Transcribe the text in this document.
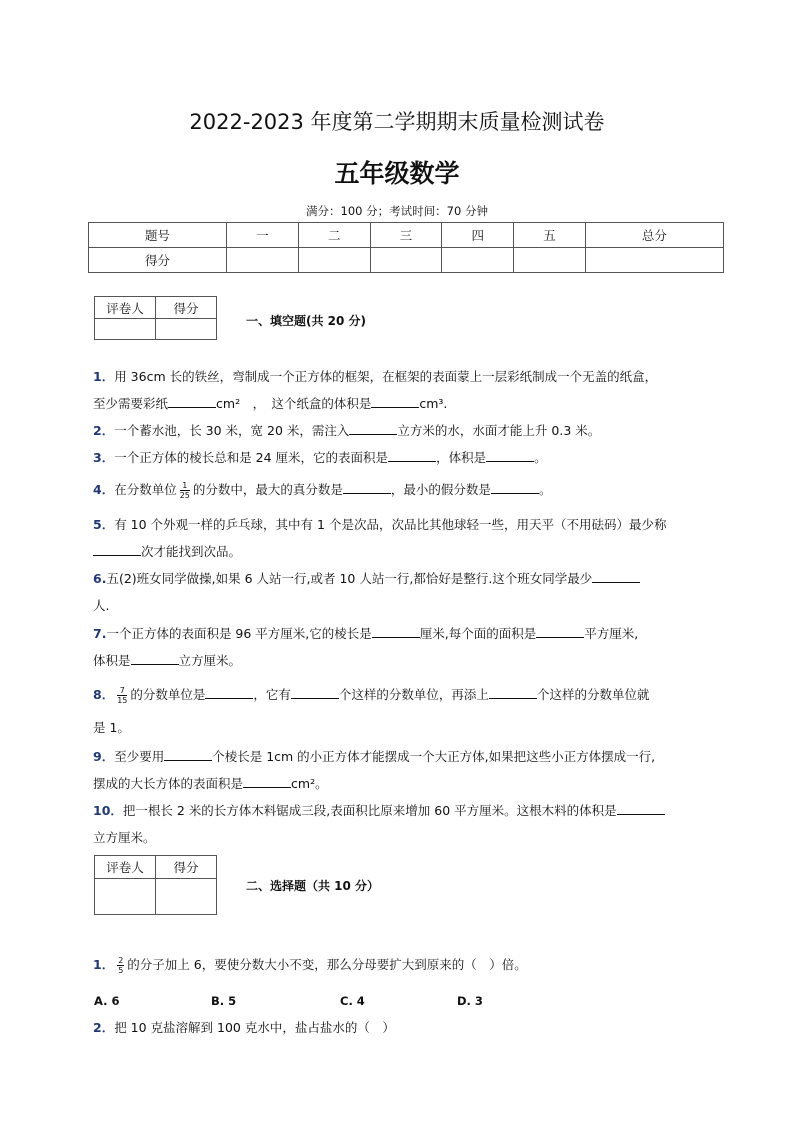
2022-2023 年度第二学期期末质量检测试卷
五年级数学
满分：100 分；考试时间：70 分钟
题号	一	二	三	四	五	总分
得分						
评卷人	得分

一、填空题(共 20 分)
1．用 36cm 长的铁丝，弯制成一个正方体的框架，在框架的表面蒙上一层彩纸制成一个无盖的纸盒，
至少需要彩纸	cm²　，　这个纸盒的体积是	cm³.
2．一个蓄水池，长 30 米，宽 20 米，需注入	立方米的水，水面才能上升 0.3 米。
3．一个正方体的棱长总和是 24 厘米，它的表面积是	，体积是	。
4．在分数单位 $\frac{1}{25}$ 的分数中，最大的真分数是	，最小的假分数是	。
5．有 10 个外观一样的乒乓球，其中有 1 个是次品，次品比其他球轻一些，用天平（不用砝码）最少称
次才能找到次品。
6.五(2)班女同学做操,如果 6 人站一行,或者 10 人站一行,都恰好是整行.这个班女同学最少
人.
7.一个正方体的表面积是 96 平方厘米,它的棱长是	厘米,每个面的面积是	平方厘米,
体积是	立方厘米。
8． $\frac{7}{15}$ 的分数单位是	，它有	个这样的分数单位，再添上	个这样的分数单位就
是 1。
9．至少要用	个棱长是 1cm 的小正方体才能摆成一个大正方体,如果把这些小正方体摆成一行,
摆成的大长方体的表面积是	cm²。
10．把一根长 2 米的长方体木料锯成三段,表面积比原来增加 60 平方厘米。这根木料的体积是
立方厘米。
评卷人	得分

二、选择题（共 10 分）
1． $\frac{2}{5}$ 的分子加上 6，要使分数大小不变，那么分母要扩大到原来的（　）倍。
A. 6	B. 5	C. 4	D. 3
2．把 10 克盐溶解到 100 克水中，盐占盐水的（　）
